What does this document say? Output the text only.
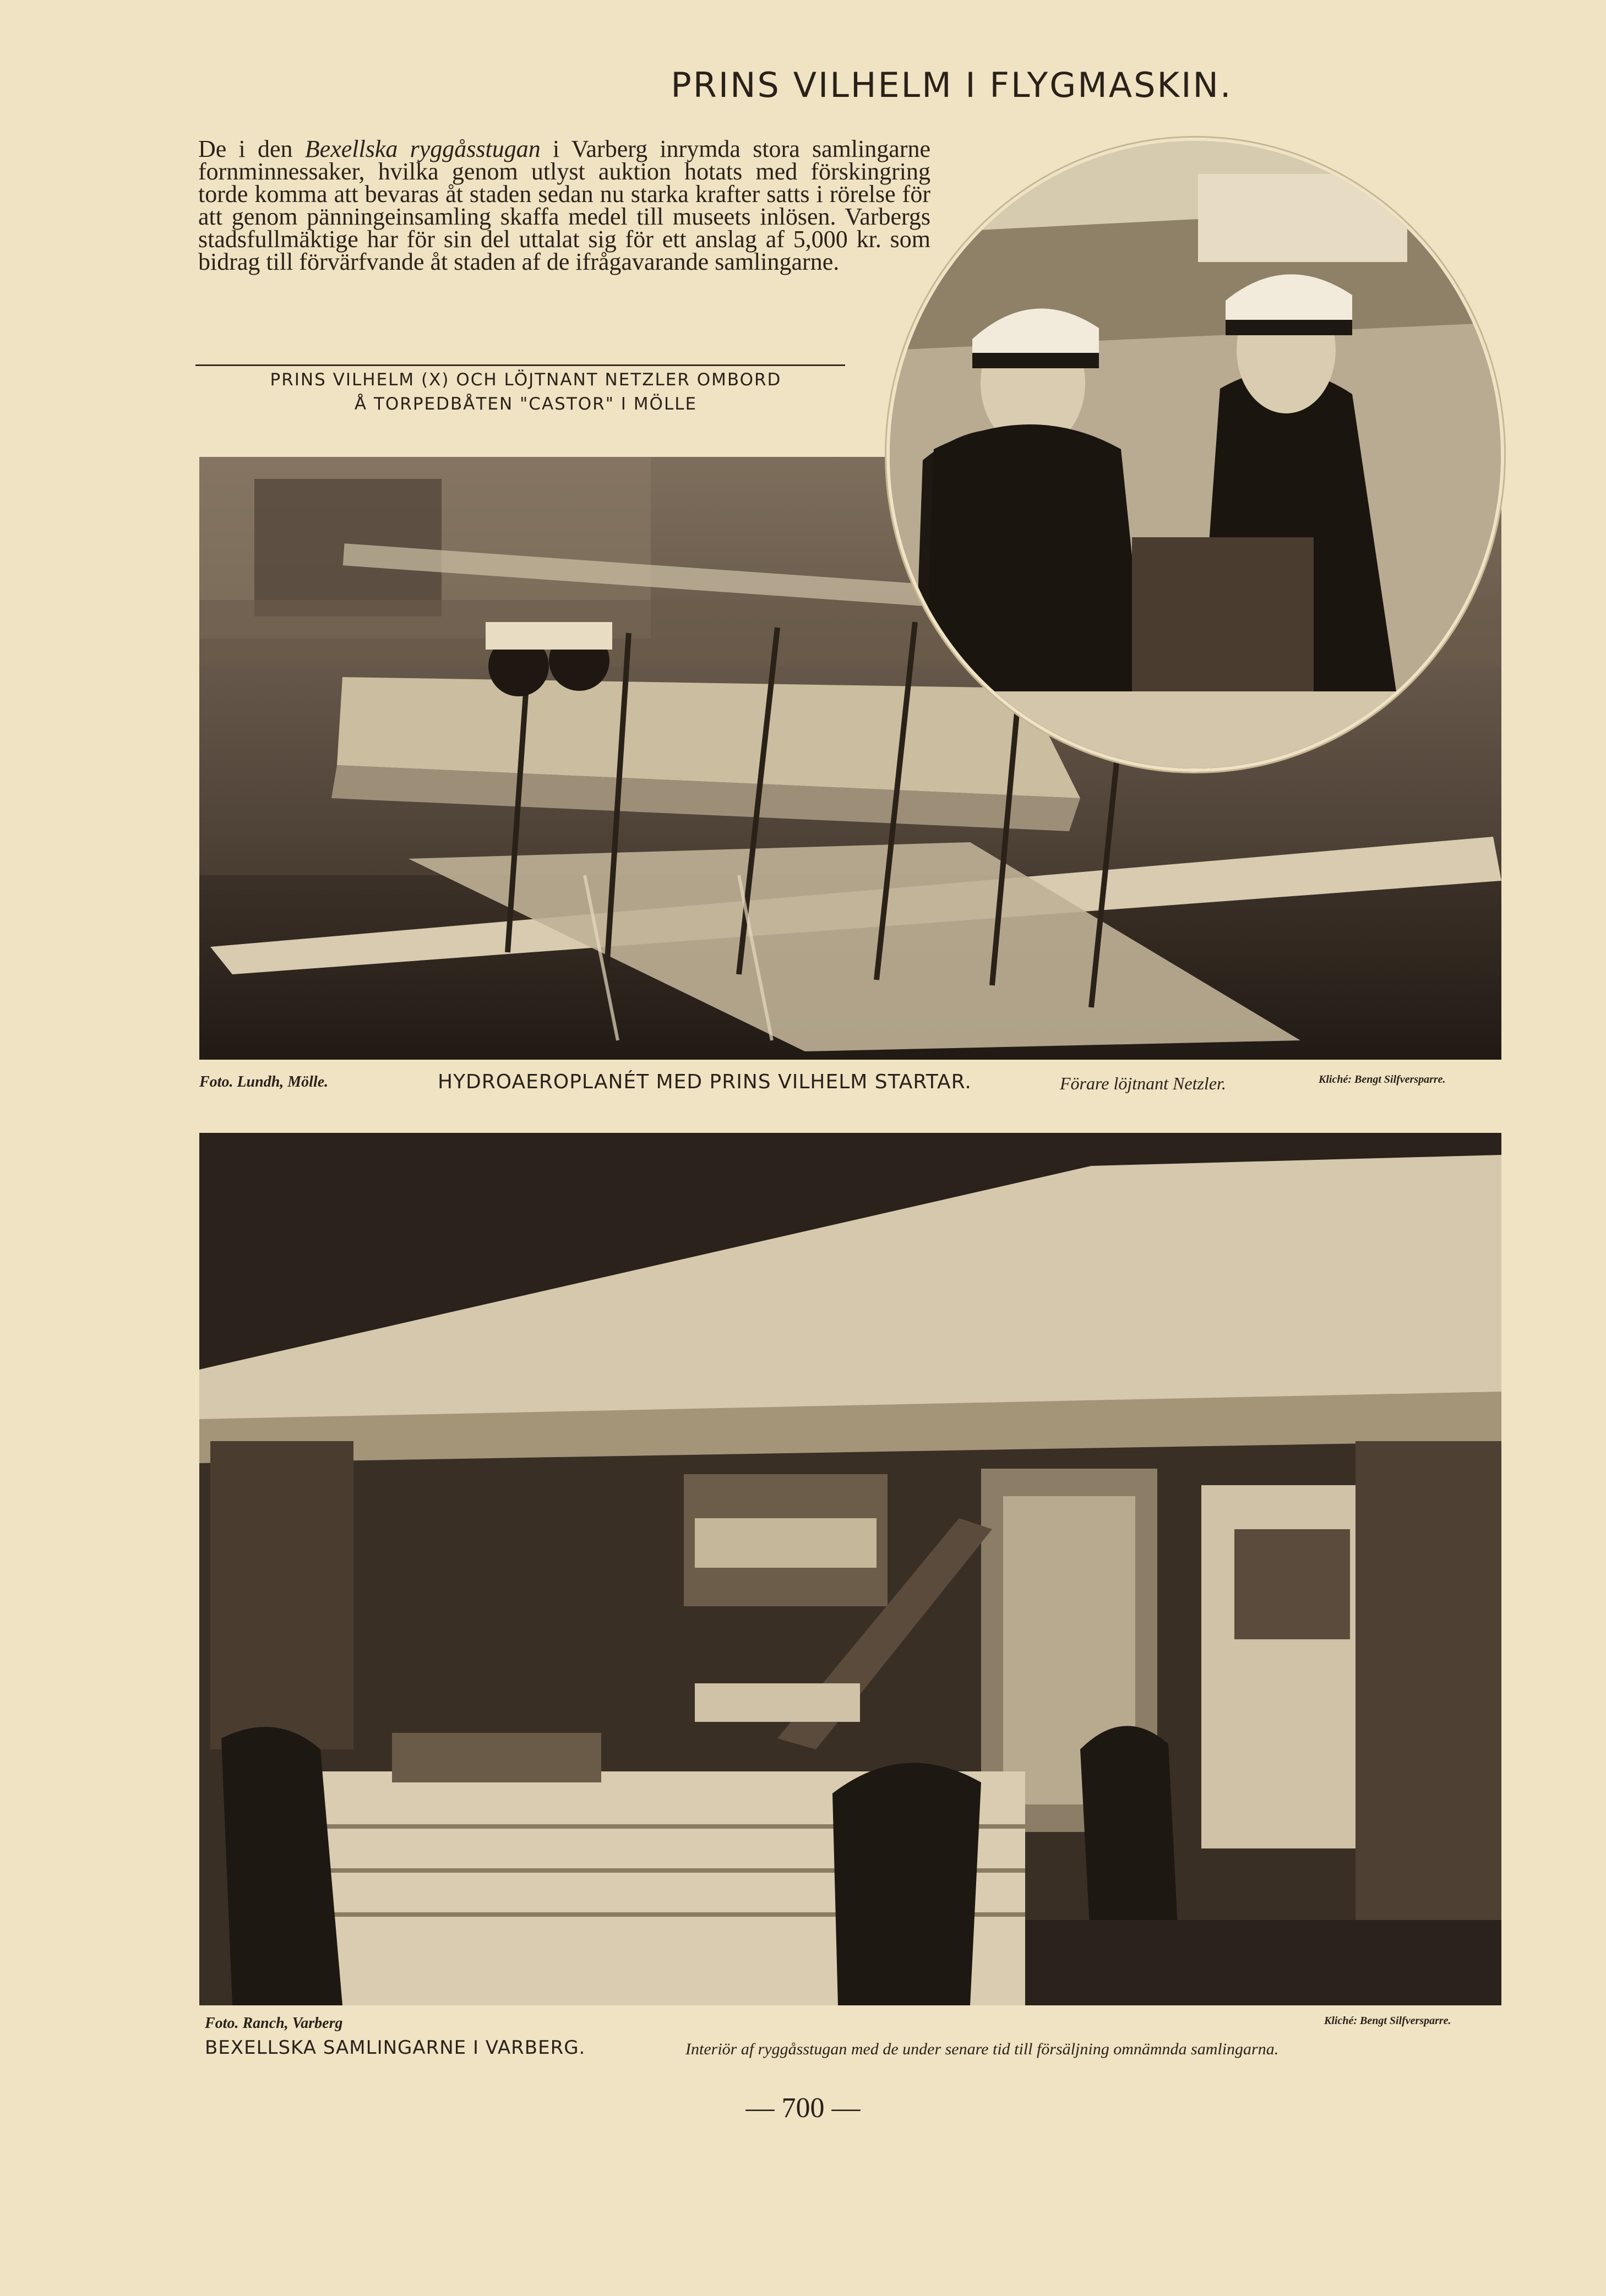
PRINS VILHELM I FLYGMASKIN.
De i den Bexellska ryggåsstugan i Varberg inrymda stora samlingarne fornminnessaker, hvilka genom utlyst auktion hotats med förskingring torde komma att bevaras åt staden sedan nu starka krafter satts i rörelse för att genom pänningeinsamling skaffa medel till museets inlösen. Varbergs stadsfullmäktige har för sin del uttalat sig för ett anslag af 5,000 kr. som bidrag till förvärfvande åt staden af de ifrågavarande samlingarne.
PRINS VILHELM (X) OCH LÖJTNANT NETZLER OMBORD
Å TORPEDBÅTEN "CASTOR" I MÖLLE
Foto. Lundh, Mölle.	HYDROAEROPLANÉT MED PRINS VILHELM STARTAR.	Förare löjtnant Netzler.	Kliché: Bengt Silfversparre.
Foto. Ranch, Varberg	Kliché: Bengt Silfversparre.
BEXELLSKA SAMLINGARNE I VARBERG.	Interiör af ryggåsstugan med de under senare tid till försäljning omnämnda samlingarna.
— 700 —
